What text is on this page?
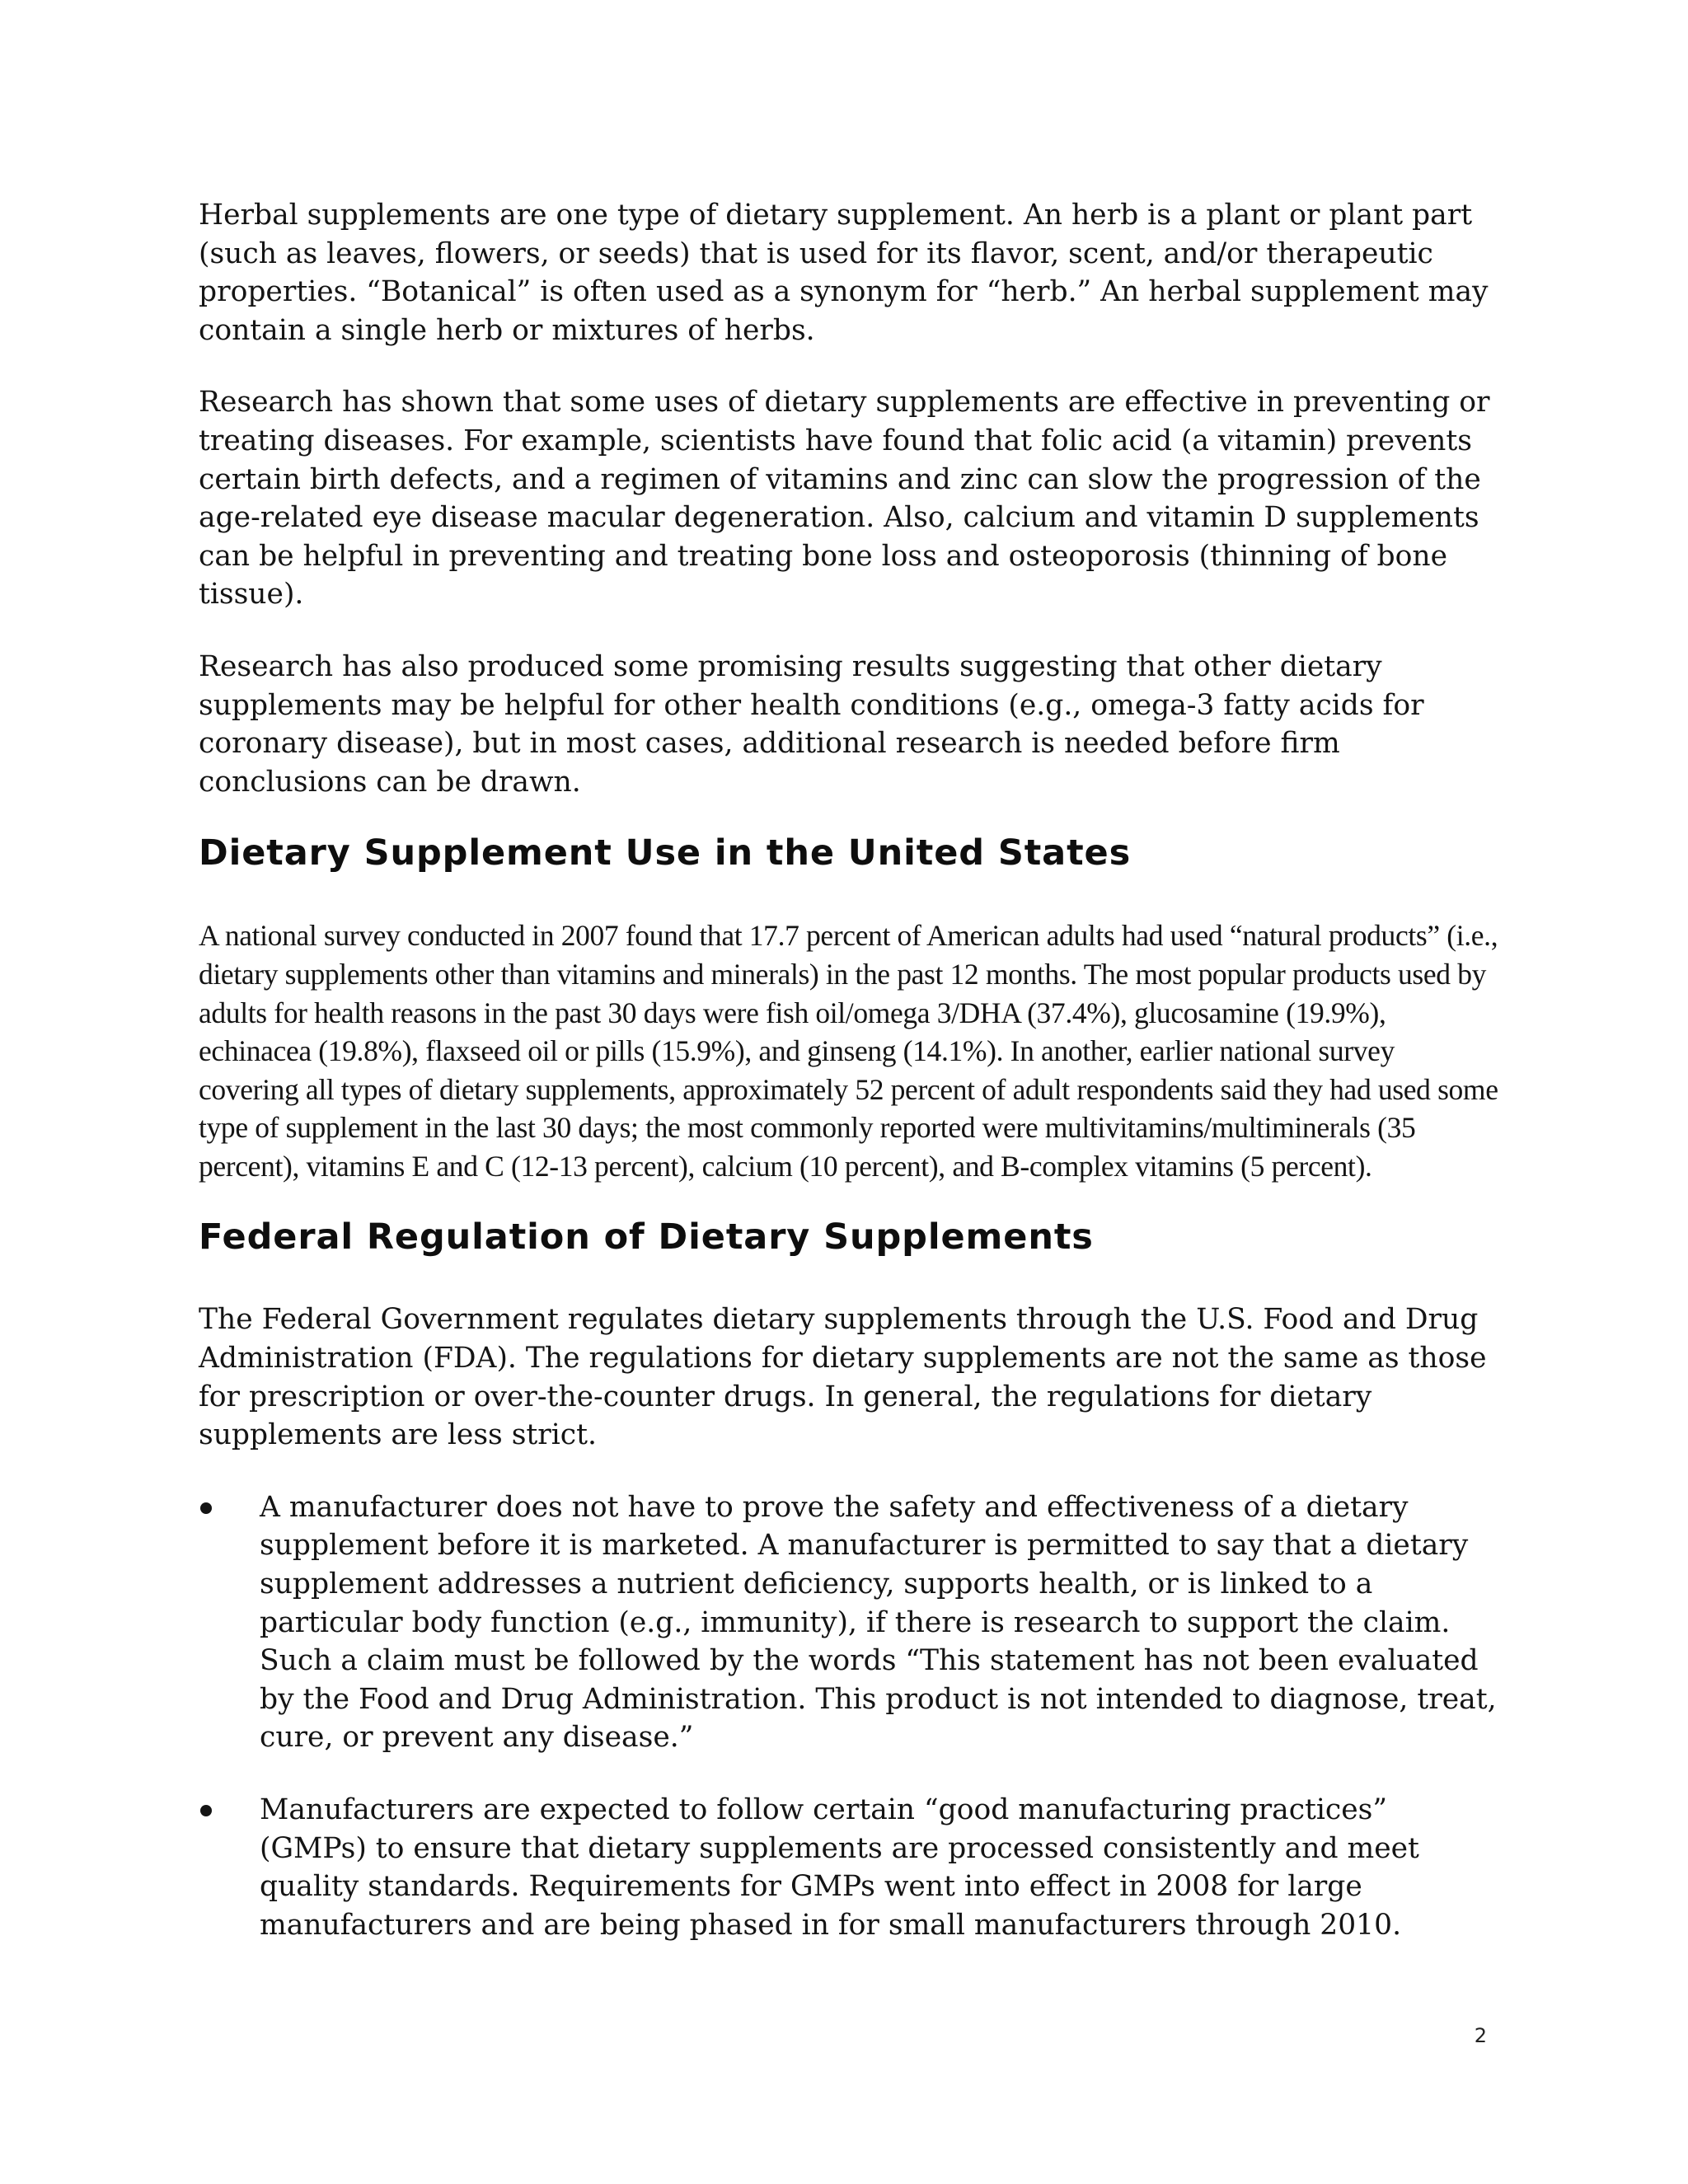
Herbal supplements are one type of dietary supplement. An herb is a plant or plant part (such as leaves, flowers, or seeds) that is used for its flavor, scent, and/or therapeutic properties. “Botanical” is often used as a synonym for “herb.” An herbal supplement may contain a single herb or mixtures of herbs.

Research has shown that some uses of dietary supplements are effective in preventing or treating diseases. For example, scientists have found that folic acid (a vitamin) prevents certain birth defects, and a regimen of vitamins and zinc can slow the progression of the age-related eye disease macular degeneration. Also, calcium and vitamin D supplements can be helpful in preventing and treating bone loss and osteoporosis (thinning of bone tissue).

Research has also produced some promising results suggesting that other dietary supplements may be helpful for other health conditions (e.g., omega-3 fatty acids for coronary disease), but in most cases, additional research is needed before firm conclusions can be drawn.

Dietary Supplement Use in the United States

A national survey conducted in 2007 found that 17.7 percent of American adults had used “natural products” (i.e., dietary supplements other than vitamins and minerals) in the past 12 months. The most popular products used by adults for health reasons in the past 30 days were fish oil/omega 3/DHA (37.4%), glucosamine (19.9%), echinacea (19.8%), flaxseed oil or pills (15.9%), and ginseng (14.1%). In another, earlier national survey covering all types of dietary supplements, approximately 52 percent of adult respondents said they had used some type of supplement in the last 30 days; the most commonly reported were multivitamins/multiminerals (35 percent), vitamins E and C (12-13 percent), calcium (10 percent), and B-complex vitamins (5 percent).

Federal Regulation of Dietary Supplements

The Federal Government regulates dietary supplements through the U.S. Food and Drug Administration (FDA). The regulations for dietary supplements are not the same as those for prescription or over-the-counter drugs. In general, the regulations for dietary supplements are less strict.

A manufacturer does not have to prove the safety and effectiveness of a dietary supplement before it is marketed. A manufacturer is permitted to say that a dietary supplement addresses a nutrient deficiency, supports health, or is linked to a particular body function (e.g., immunity), if there is research to support the claim. Such a claim must be followed by the words “This statement has not been evaluated by the Food and Drug Administration. This product is not intended to diagnose, treat, cure, or prevent any disease.”
Manufacturers are expected to follow certain “good manufacturing practices” (GMPs) to ensure that dietary supplements are processed consistently and meet quality standards. Requirements for GMPs went into effect in 2008 for large manufacturers and are being phased in for small manufacturers through 2010.
2
